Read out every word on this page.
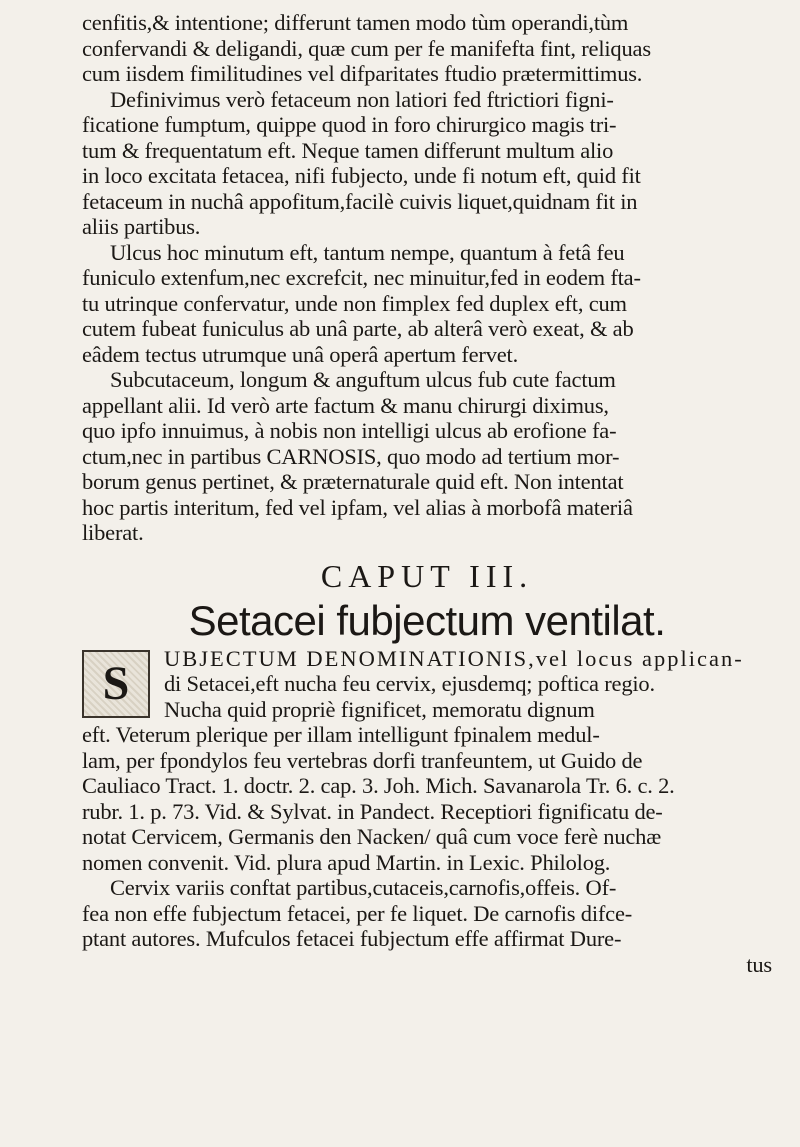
cenfitis,& intentione; differunt tamen modo tùm operandi,tùm
confervandi & deligandi, quæ cum per fe manifefta fint, reliquas
cum iisdem fimilitudines vel difparitates ftudio prætermittimus.
Definivimus verò fetaceum non latiori fed ftrictiori figni-
ficatione fumptum, quippe quod in foro chirurgico magis tri-
tum & frequentatum eft. Neque tamen differunt multum alio
in loco excitata fetacea, nifi fubjecto, unde fi notum eft, quid fit
fetaceum in nuchâ appofitum,facilè cuivis liquet,quidnam fit in
aliis partibus.
Ulcus hoc minutum eft, tantum nempe, quantum à fetâ feu
funiculo extenfum,nec excrefcit, nec minuitur,fed in eodem fta-
tu utrinque confervatur, unde non fimplex fed duplex eft, cum
cutem fubeat funiculus ab unâ parte, ab alterâ verò exeat, & ab
eâdem tectus utrumque unâ operâ apertum fervet.
Subcutaceum, longum & anguftum ulcus fub cute factum
appellant alii. Id verò arte factum & manu chirurgi diximus,
quo ipfo innuimus, à nobis non intelligi ulcus ab erofione fa-
ctum,nec in partibus CARNOSIS, quo modo ad tertium mor-
borum genus pertinet, & præternaturale quid eft. Non intentat
hoc partis interitum, fed vel ipfam, vel alias à morbofâ materiâ
liberat.
CAPUT III.
Setacei fubjectum ventilat.
S	UBJECTUM DENOMINATIONIS,vel locus applican-
di Setacei,eft nucha feu cervix, ejusdemq; poftica regio.
Nucha quid propriè fignificet, memoratu dignum
eft. Veterum plerique per illam intelligunt fpinalem medul-
lam, per fpondylos feu vertebras dorfi tranfeuntem, ut Guido de
Cauliaco Tract. 1. doctr. 2. cap. 3. Joh. Mich. Savanarola Tr. 6. c. 2.
rubr. 1. p. 73. Vid. & Sylvat. in Pandect. Receptiori fignificatu de-
notat Cervicem, Germanis den Nacken/ quâ cum voce ferè nuchæ
nomen convenit. Vid. plura apud Martin. in Lexic. Philolog.
Cervix variis conftat partibus,cutaceis,carnofis,offeis. Of-
fea non effe fubjectum fetacei, per fe liquet. De carnofis difce-
ptant autores. Mufculos fetacei fubjectum effe affirmat Dure-
tus
